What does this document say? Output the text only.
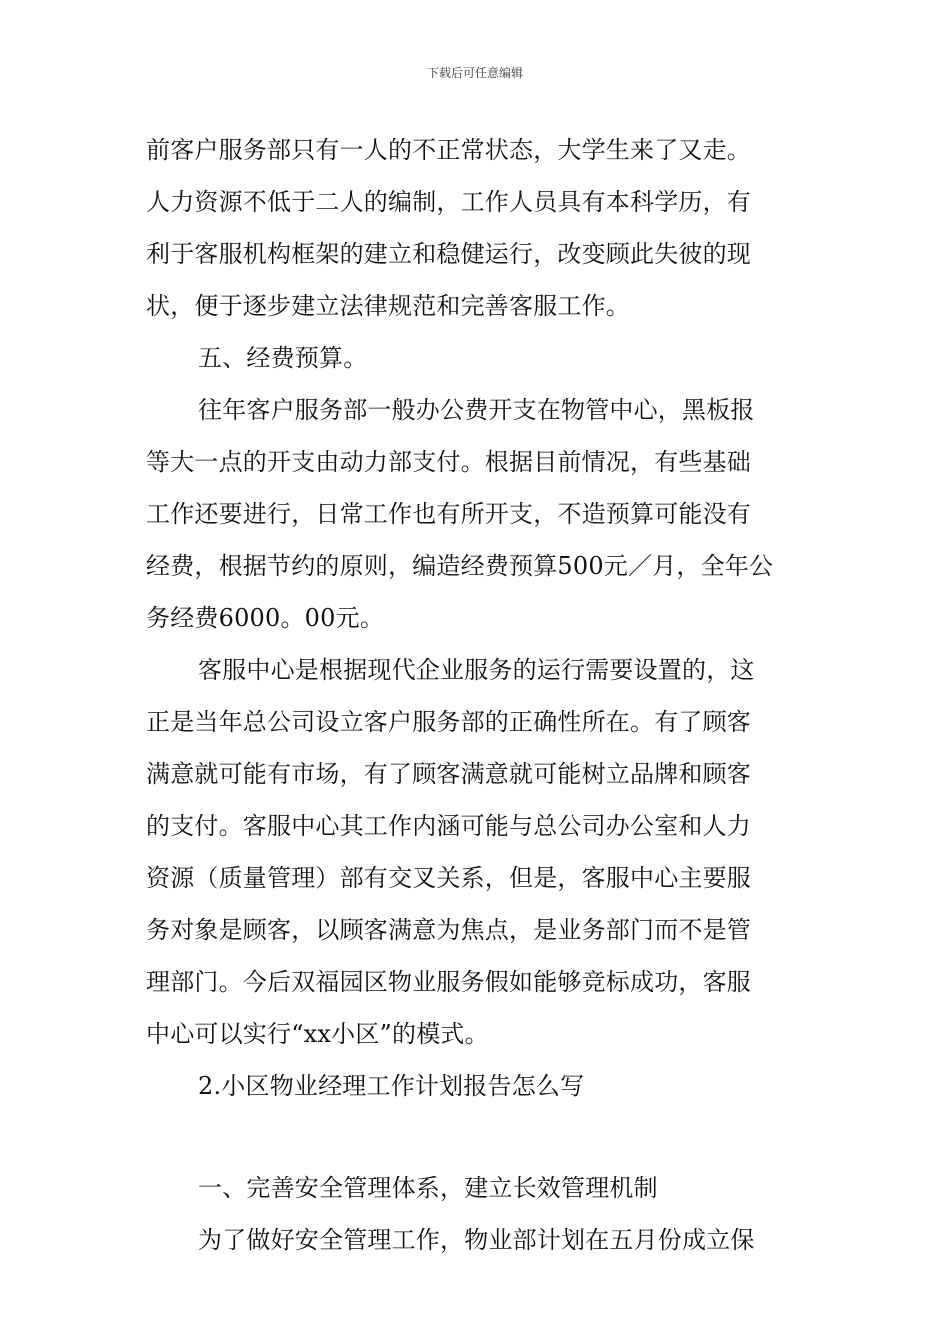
下载后可任意编辑
前客户服务部只有一人的不正常状态，大学生来了又走。
人力资源不低于二人的编制，工作人员具有本科学历，有
利于客服机构框架的建立和稳健运行，改变顾此失彼的现
状，便于逐步建立法律规范和完善客服工作。
五、经费预算。
往年客户服务部一般办公费开支在物管中心，黑板报
等大一点的开支由动力部支付。根据目前情况，有些基础
工作还要进行，日常工作也有所开支，不造预算可能没有
经费，根据节约的原则，编造经费预算500元／月，全年公
务经费6000。00元。
客服中心是根据现代企业服务的运行需要设置的，这
正是当年总公司设立客户服务部的正确性所在。有了顾客
满意就可能有市场，有了顾客满意就可能树立品牌和顾客
的支付。客服中心其工作内涵可能与总公司办公室和人力
资源（质量管理）部有交叉关系，但是，客服中心主要服
务对象是顾客，以顾客满意为焦点，是业务部门而不是管
理部门。今后双福园区物业服务假如能够竞标成功，客服
中心可以实行“xx小区”的模式。
2.小区物业经理工作计划报告怎么写
一、完善安全管理体系，建立长效管理机制
为了做好安全管理工作，物业部计划在五月份成立保
